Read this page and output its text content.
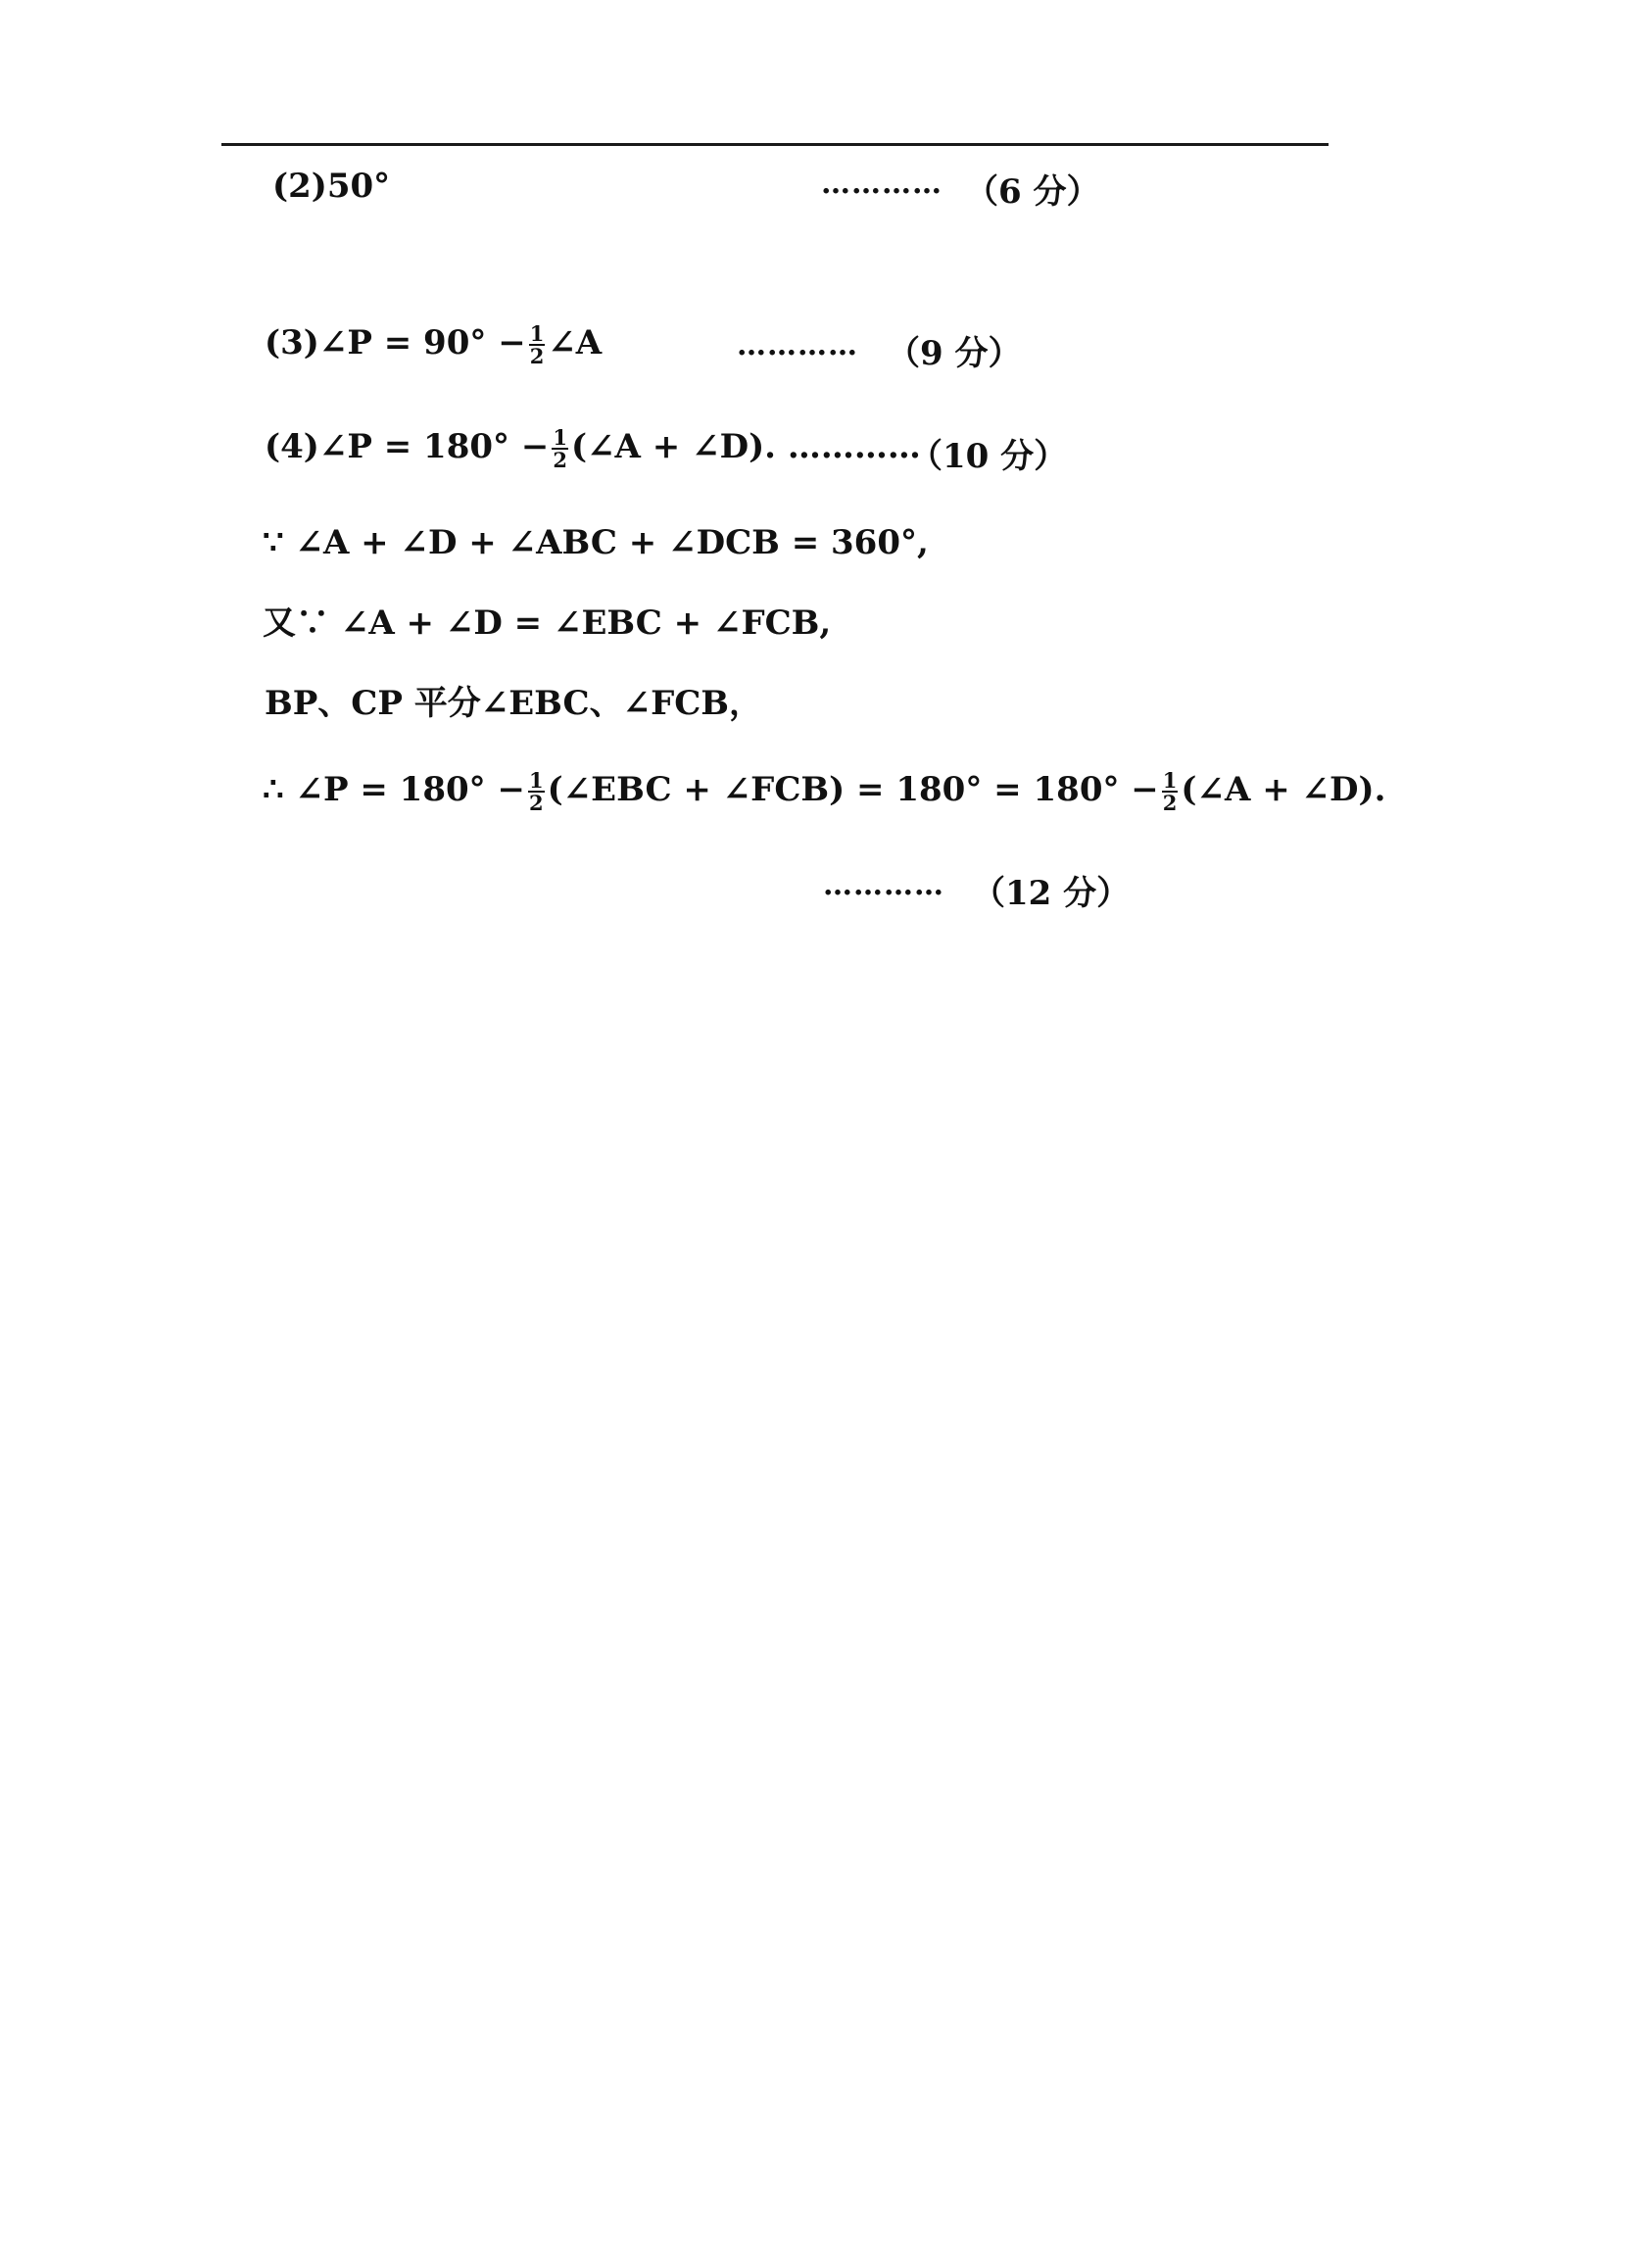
(2)50°	………… （6 分）
(3)∠P = $90^\circ - \frac{1}{2}$ ∠A	………… （9 分）
(4)∠P = $180^\circ - \frac{1}{2}$ (∠A + ∠D). …………
（10 分）
∵ ∠A + ∠D + ∠ABC + ∠DCB = 360°,
又∵ ∠A + ∠D = ∠EBC + ∠FCB,
BP、CP 平分∠EBC、∠FCB，
∴ ∠P = $180^\circ - \frac{1}{2}$ (∠EBC + ∠FCB) = $180^\circ = 180^\circ - \frac{1}{2}$ (∠A + ∠D).
………… （12 分）
